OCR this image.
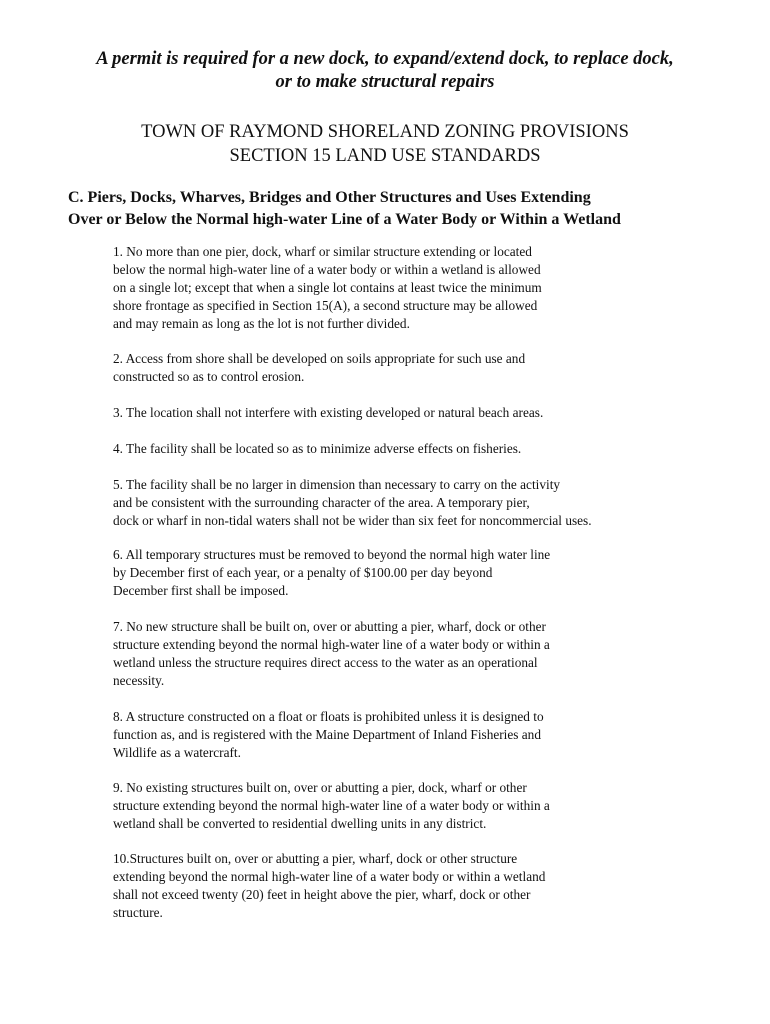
A permit is required for a new dock, to expand/extend dock, to replace dock,
or to make structural repairs
TOWN OF RAYMOND SHORELAND ZONING PROVISIONS
SECTION 15 LAND USE STANDARDS
C. Piers, Docks, Wharves, Bridges and Other Structures and Uses Extending
Over or Below the Normal high-water Line of a Water Body or Within a Wetland
1. No more than one pier, dock, wharf or similar structure extending or located
below the normal high-water line of a water body or within a wetland is allowed
on a single lot; except that when a single lot contains at least twice the minimum
shore frontage as specified in Section 15(A), a second structure may be allowed
and may remain as long as the lot is not further divided.
2. Access from shore shall be developed on soils appropriate for such use and
constructed so as to control erosion.
3. The location shall not interfere with existing developed or natural beach areas.
4. The facility shall be located so as to minimize adverse effects on fisheries.
5. The facility shall be no larger in dimension than necessary to carry on the activity
and be consistent with the surrounding character of the area. A temporary pier,
dock or wharf in non-tidal waters shall not be wider than six feet for noncommercial uses.
6. All temporary structures must be removed to beyond the normal high water line
by December first of each year, or a penalty of $100.00 per day beyond
December first shall be imposed.
7. No new structure shall be built on, over or abutting a pier, wharf, dock or other
structure extending beyond the normal high-water line of a water body or within a
wetland unless the structure requires direct access to the water as an operational
necessity.
8. A structure constructed on a float or floats is prohibited unless it is designed to
function as, and is registered with the Maine Department of Inland Fisheries and
Wildlife as a watercraft.
9. No existing structures built on, over or abutting a pier, dock, wharf or other
structure extending beyond the normal high-water line of a water body or within a
wetland shall be converted to residential dwelling units in any district.
10.Structures built on, over or abutting a pier, wharf, dock or other structure
extending beyond the normal high-water line of a water body or within a wetland
shall not exceed twenty (20) feet in height above the pier, wharf, dock or other
structure.
